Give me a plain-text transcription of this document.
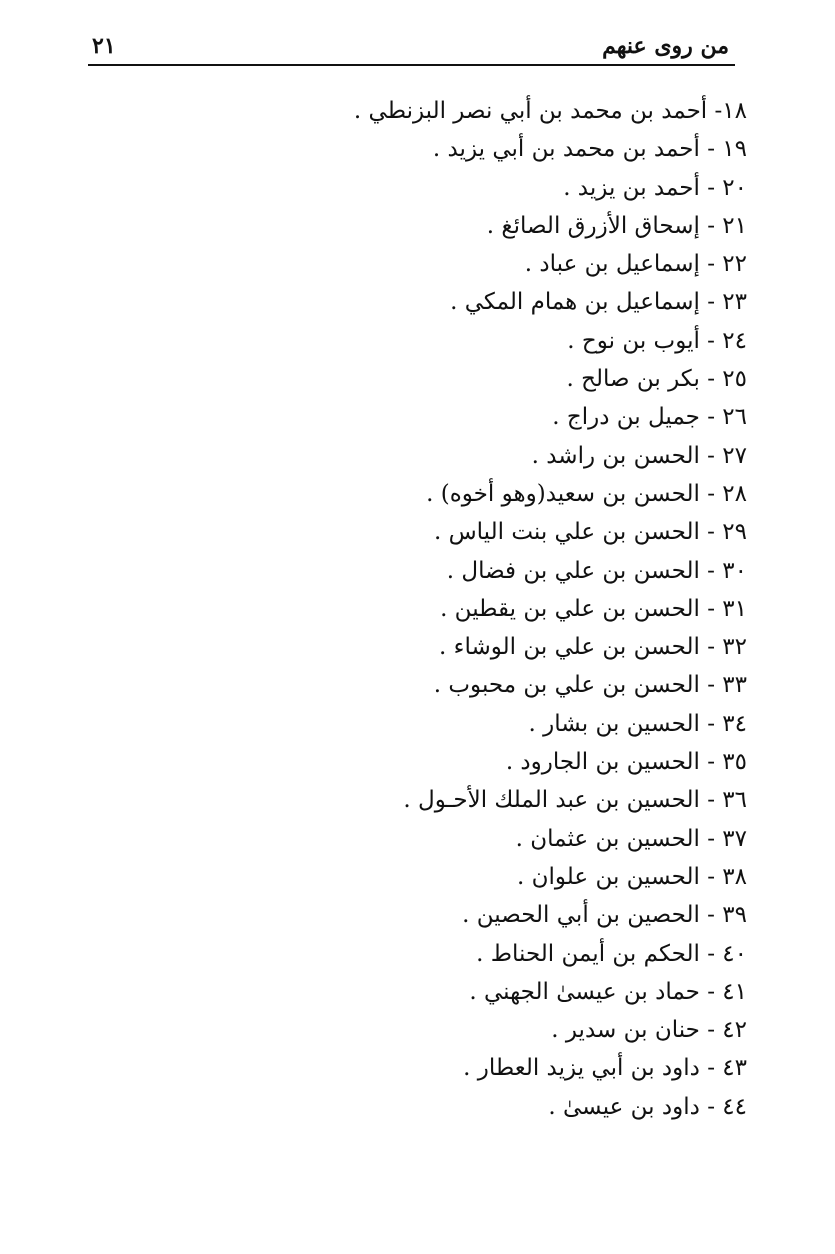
من روى عنهم
٢١
١٨- أحمد بن محمد بن أبي نصر البزنطي .
١٩ - أحمد بن محمد بن أبي يزيد .
٢٠ - أحمد بن يزيد .
٢١ - إسحاق الأزرق الصائغ .
٢٢ - إسماعيل بن عباد .
٢٣ - إسماعيل بن همام المكي .
٢٤ - أيوب بن نوح .
٢٥ - بكر بن صالح .
٢٦ - جميل بن دراج .
٢٧ - الحسن بن راشد .
٢٨ - الحسن بن سعيد(وهو أخوه) .
٢٩ - الحسن بن علي بنت الياس .
٣٠ - الحسن بن علي بن فضال .
٣١ - الحسن بن علي بن يقطين .
٣٢ - الحسن بن علي بن الوشاء .
٣٣ - الحسن بن علي بن محبوب .
٣٤ - الحسين بن بشار .
٣٥ - الحسين بن الجارود .
٣٦ - الحسين بن عبد الملك الأحـول .
٣٧ - الحسين بن عثمان .
٣٨ - الحسين بن علوان .
٣٩ - الحصين بن أبي الحصين .
٤٠ - الحكم بن أيمن الحناط .
٤١ - حماد بن عيسىٰ الجهني .
٤٢ - حنان بن سدير .
٤٣ - داود بن أبي يزيد العطار .
٤٤ - داود بن عيسىٰ .
